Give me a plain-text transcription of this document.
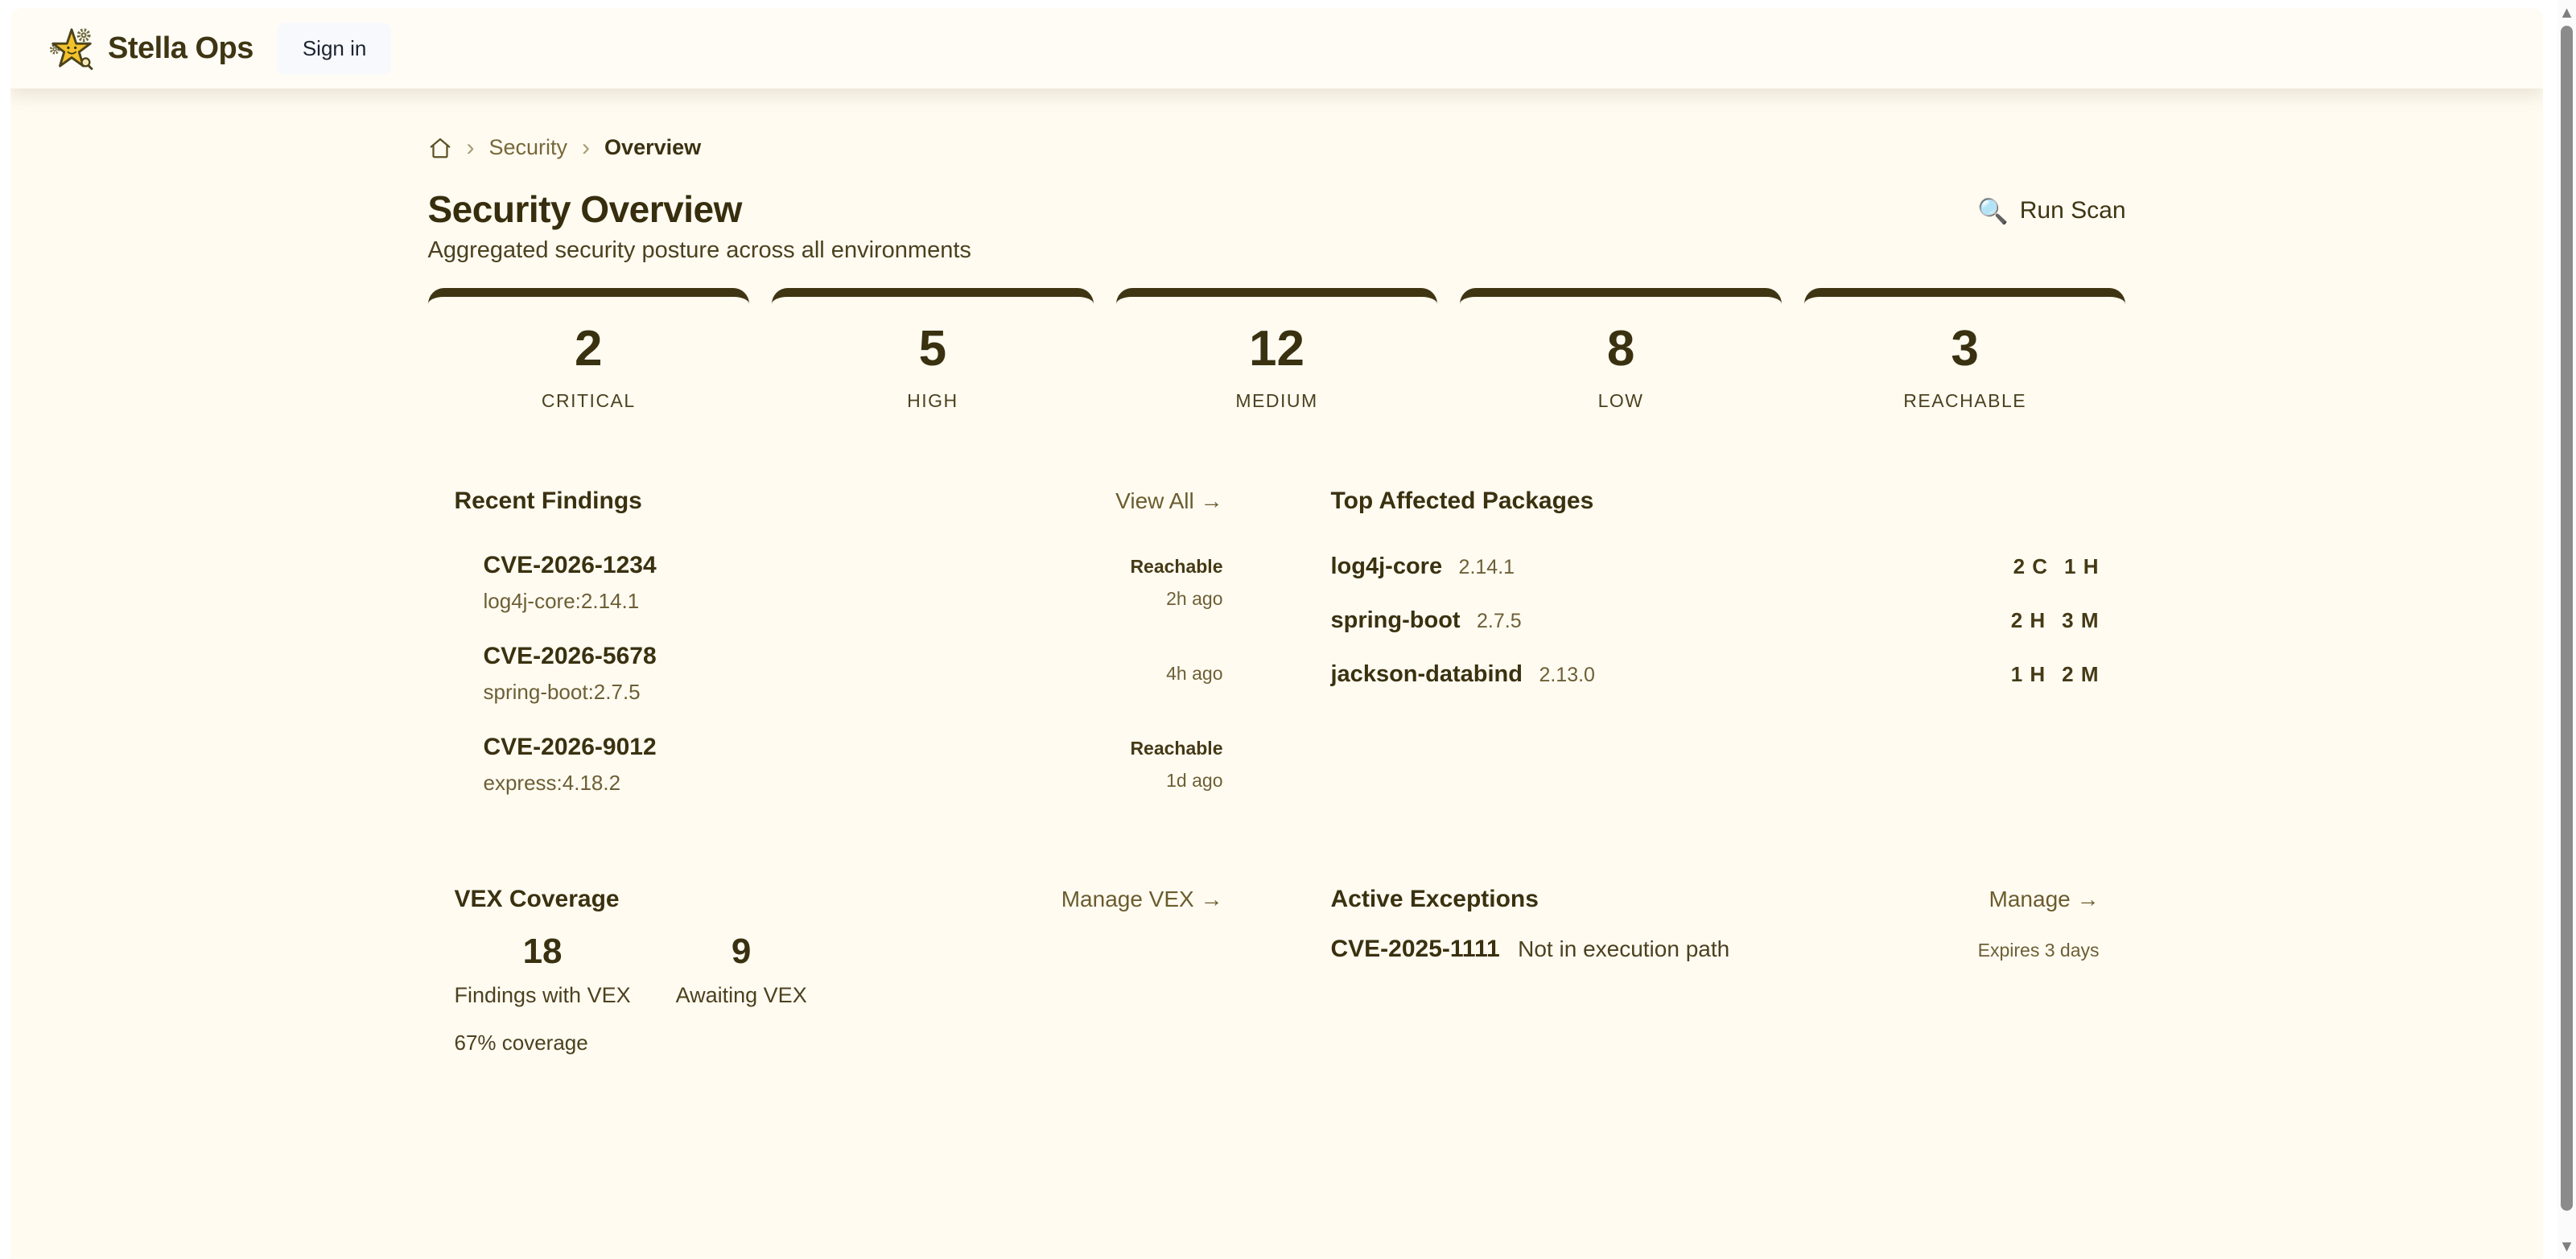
Stella Ops	Sign in
› Security › Overview
Security Overview

Aggregated security posture across all environments

🔍 Run Scan
2
CRITICAL
5
HIGH
12
MEDIUM
8
LOW
3
REACHABLE
Recent Findings	View All →
CVE-2026-1234
log4j-core:2.14.1
Reachable
2h ago
CVE-2026-5678
spring-boot:2.7.5
4h ago
CVE-2026-9012
express:4.18.2
Reachable
1d ago
Top Affected Packages
log4j-core 2.14.1	2 C 1 H
spring-boot 2.7.5	2 H 3 M
jackson-databind 2.13.0	1 H 2 M
VEX Coverage	Manage VEX →
18
Findings with VEX
9
Awaiting VEX
67% coverage
Active Exceptions	Manage →
CVE-2025-1111 Not in execution path	Expires 3 days
▲
▼
